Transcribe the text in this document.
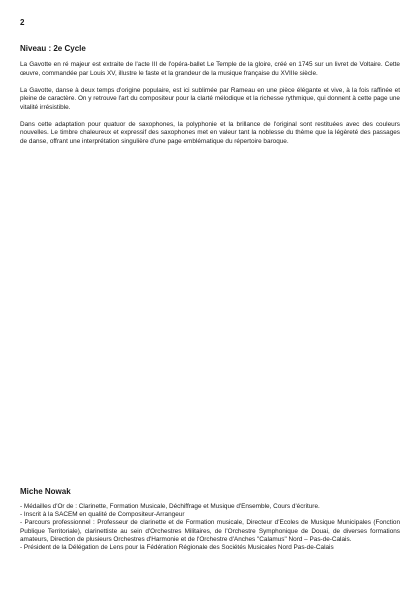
2
Niveau : 2e Cycle

La Gavotte en ré majeur est extraite de l'acte III de l'opéra-ballet Le Temple de la gloire, créé en 1745 sur un livret de Voltaire. Cette œuvre, commandée par Louis XV, illustre le faste et la grandeur de la musique française du XVIIIe siècle.

La Gavotte, danse à deux temps d'origine populaire, est ici sublimée par Rameau en une pièce élégante et vive, à la fois raffinée et pleine de caractère. On y retrouve l'art du compositeur pour la clarté mélodique et la richesse rythmique, qui donnent à cette page une vitalité irrésistible.

Dans cette adaptation pour quatuor de saxophones, la polyphonie et la brillance de l'original sont restituées avec des couleurs nouvelles. Le timbre chaleureux et expressif des saxophones met en valeur tant la noblesse du thème que la légèreté des passages de danse, offrant une interprétation singulière d'une page emblématique du répertoire baroque.

Miche Nowak
- Médailles d'Or de : Clarinette, Formation Musicale, Déchiffrage et Musique d'Ensemble, Cours d'écriture.
- Inscrit à la SACEM en qualité de Compositeur-Arrangeur
- Parcours professionnel : Professeur de clarinette et de Formation musicale, Directeur d'Ecoles de Musique Municipales (Fonction Publique Territoriale), clarinettiste au sein d'Orchestres Militaires, de l'Orchestre Symphonique de Douai, de diverses formations amateurs, Direction de plusieurs Orchestres d'Harmonie et de l'Orchestre d'Anches "Calamus" Nord – Pas-de-Calais.
- Président de la Délégation de Lens pour la Fédération Régionale des Sociétés Musicales Nord Pas-de-Calais
